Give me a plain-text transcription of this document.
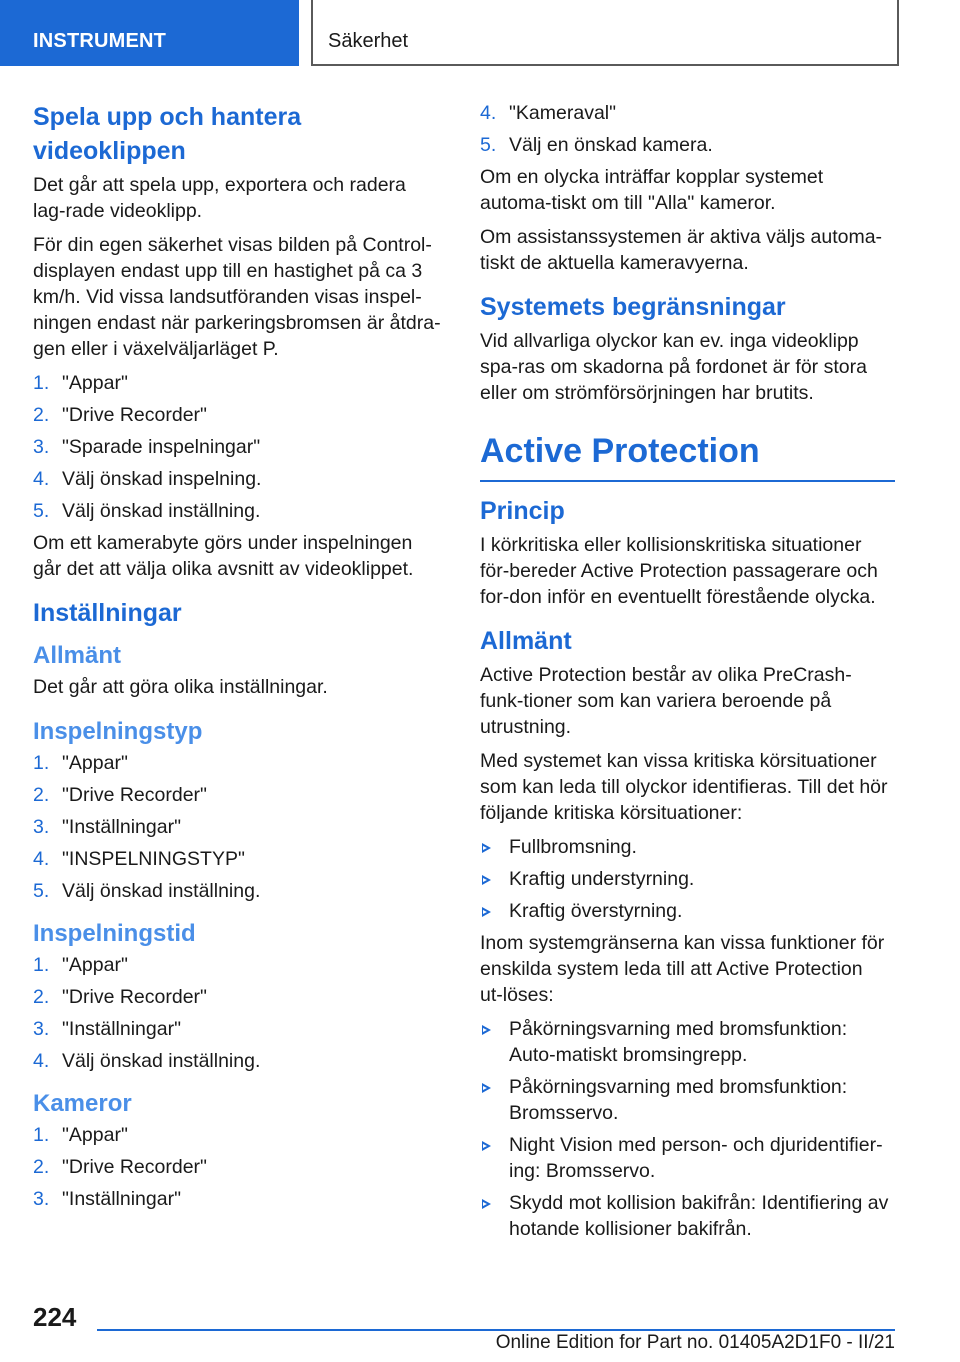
INSTRUMENT	Säkerhet
Spela upp och hantera videoklippen

Det går att spela upp, exportera och radera lag-rade videoklipp.

För din egen säkerhet visas bilden på Control-displayen endast upp till en hastighet på ca 3 km/h. Vid vissa landsutföranden visas inspel-ningen endast när parkeringsbromsen är åtdra-gen eller i växelväljarläget P.

1. "Appar"
2. "Drive Recorder"
3. "Sparade inspelningar"
4. Välj önskad inspelning.
5. Välj önskad inställning.

Om ett kamerabyte görs under inspelningen går det att välja olika avsnitt av videoklippet.

Inställningar
Allmänt

Det går att göra olika inställningar.

Inspelningstyp
1. "Appar"
2. "Drive Recorder"
3. "Inställningar"
4. "INSPELNINGSTYP"
5. Välj önskad inställning.
Inspelningstid
1. "Appar"
2. "Drive Recorder"
3. "Inställningar"
4. Välj önskad inställning.
Kameror
1. "Appar"
2. "Drive Recorder"
3. "Inställningar"
4. "Kameraval"
5. Välj en önskad kamera.

Om en olycka inträffar kopplar systemet automa-tiskt om till "Alla" kameror.

Om assistanssystemen är aktiva väljs automa-tiskt de aktuella kameravyerna.

Systemets begränsningar

Vid allvarliga olyckor kan ev. inga videoklipp spa-ras om skadorna på fordonet är för stora eller om strömförsörjningen har brutits.

Active Protection
Princip

I körkritiska eller kollisionskritiska situationer för-bereder Active Protection passagerare och for-don inför en eventuellt förestående olycka.

Allmänt

Active Protection består av olika PreCrash-funk-tioner som kan variera beroende på utrustning.

Med systemet kan vissa kritiska körsituationer som kan leda till olyckor identifieras. Till det hör följande kritiska körsituationer:

Fullbromsning.
Kraftig understyrning.
Kraftig överstyrning.

Inom systemgränserna kan vissa funktioner för enskilda system leda till att Active Protection ut-löses:

Påkörningsvarning med bromsfunktion: Auto-matiskt bromsingrepp.
Påkörningsvarning med bromsfunktion: Bromsservo.
Night Vision med person- och djuridentifier-ing: Bromsservo.
Skydd mot kollision bakifrån: Identifiering av hotande kollisioner bakifrån.
224
Online Edition for Part no. 01405A2D1F0 - II/21
